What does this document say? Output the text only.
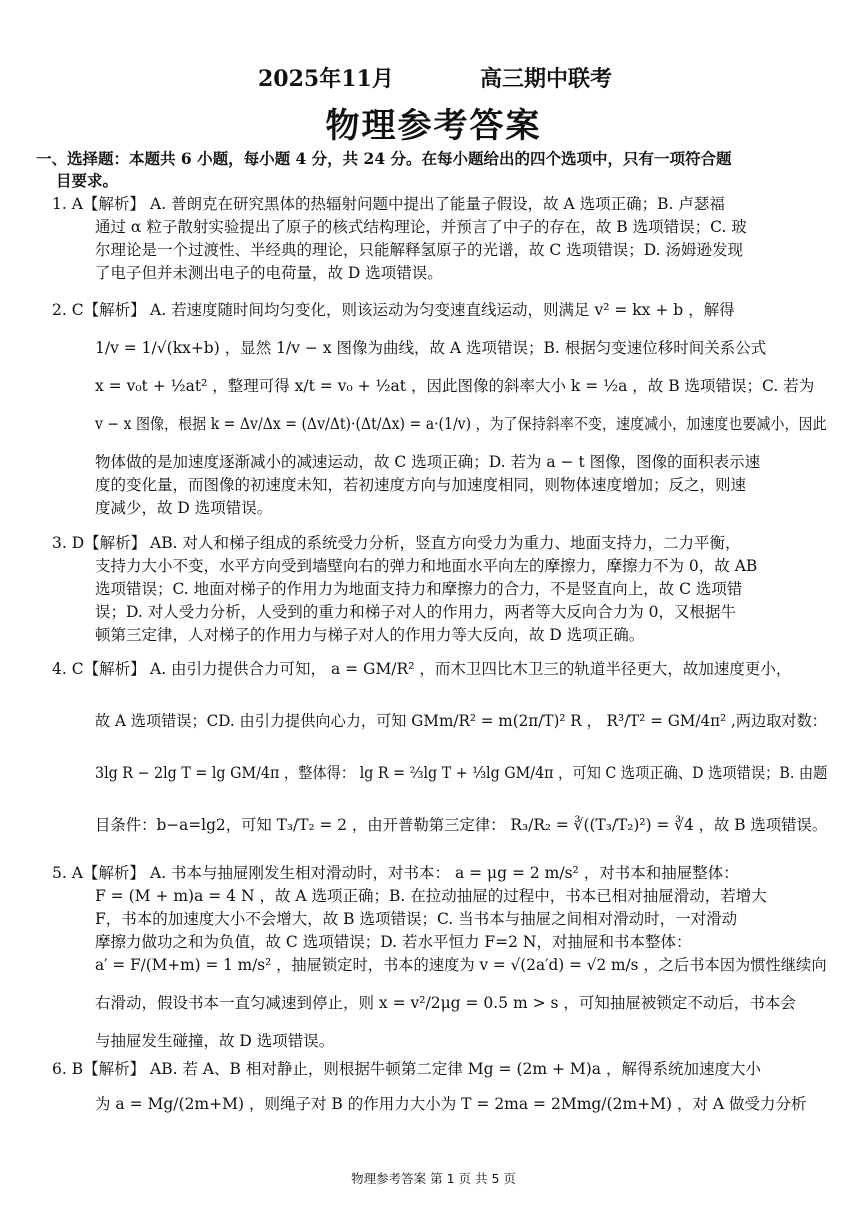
2025年11月	高三期中联考
物理参考答案
一、选择题：本题共 6 小题，每小题 4 分，共 24 分。在每小题给出的四个选项中，只有一项符合题
目要求。
1. A【解析】 A. 普朗克在研究黑体的热辐射问题中提出了能量子假设，故 A 选项正确；B. 卢瑟福
通过 α 粒子散射实验提出了原子的核式结构理论，并预言了中子的存在，故 B 选项错误；C. 玻
尔理论是一个过渡性、半经典的理论，只能解释氢原子的光谱，故 C 选项错误；D. 汤姆逊发现
了电子但并未测出电子的电荷量，故 D 选项错误。
2. C【解析】 A. 若速度随时间均匀变化，则该运动为匀变速直线运动，则满足 v² = kx + b ，解得
1/v = 1/√(kx+b) ，显然 1/v − x 图像为曲线，故 A 选项错误；B. 根据匀变速位移时间关系公式
x = v₀t + ½at² ，整理可得 x/t = v₀ + ½at ，因此图像的斜率大小 k = ½a ，故 B 选项错误；C. 若为
v − x 图像，根据 k = Δv/Δx = (Δv/Δt)·(Δt/Δx) = a·(1/v) ，为了保持斜率不变，速度减小，加速度也要减小，因此
物体做的是加速度逐渐减小的减速运动，故 C 选项正确；D. 若为 a − t 图像，图像的面积表示速
度的变化量，而图像的初速度未知，若初速度方向与加速度相同，则物体速度增加；反之，则速
度减少，故 D 选项错误。
3. D【解析】 AB. 对人和梯子组成的系统受力分析，竖直方向受力为重力、地面支持力，二力平衡，
支持力大小不变，水平方向受到墙壁向右的弹力和地面水平向左的摩擦力，摩擦力不为 0，故 AB
选项错误；C. 地面对梯子的作用力为地面支持力和摩擦力的合力，不是竖直向上，故 C 选项错
误；D. 对人受力分析，人受到的重力和梯子对人的作用力，两者等大反向合力为 0，又根据牛
顿第三定律，人对梯子的作用力与梯子对人的作用力等大反向，故 D 选项正确。
4. C【解析】 A. 由引力提供合力可知， a = GM/R² ，而木卫四比木卫三的轨道半径更大，故加速度更小，
故 A 选项错误；CD. 由引力提供向心力，可知 GMm/R² = m(2π/T)² R ， R³/T² = GM/4π² ,两边取对数：
3lg R − 2lg T = lg GM/4π ，整体得： lg R = ⅔lg T + ⅓lg GM/4π ，可知 C 选项正确、D 选项错误；B. 由题
目条件：b−a=lg2，可知 T₃/T₂ = 2 ，由开普勒第三定律： R₃/R₂ = ∛((T₃/T₂)²) = ∛4 ，故 B 选项错误。
5. A【解析】 A. 书本与抽屉刚发生相对滑动时，对书本： a = μg = 2 m/s² ，对书本和抽屉整体：
F = (M + m)a = 4 N ，故 A 选项正确；B. 在拉动抽屉的过程中，书本已相对抽屉滑动，若增大
F，书本的加速度大小不会增大，故 B 选项错误；C. 当书本与抽屉之间相对滑动时，一对滑动
摩擦力做功之和为负值，故 C 选项错误；D. 若水平恒力 F=2 N，对抽屉和书本整体：
a′ = F/(M+m) = 1 m/s² ，抽屉锁定时，书本的速度为 v = √(2a′d) = √2 m/s ，之后书本因为惯性继续向
右滑动，假设书本一直匀减速到停止，则 x = v²/2μg = 0.5 m > s ，可知抽屉被锁定不动后，书本会
与抽屉发生碰撞，故 D 选项错误。
6. B【解析】 AB. 若 A、B 相对静止，则根据牛顿第二定律 Mg = (2m + M)a ，解得系统加速度大小
为 a = Mg/(2m+M) ，则绳子对 B 的作用力大小为 T = 2ma = 2Mmg/(2m+M) ，对 A 做受力分析
物理参考答案 第 1 页 共 5 页
